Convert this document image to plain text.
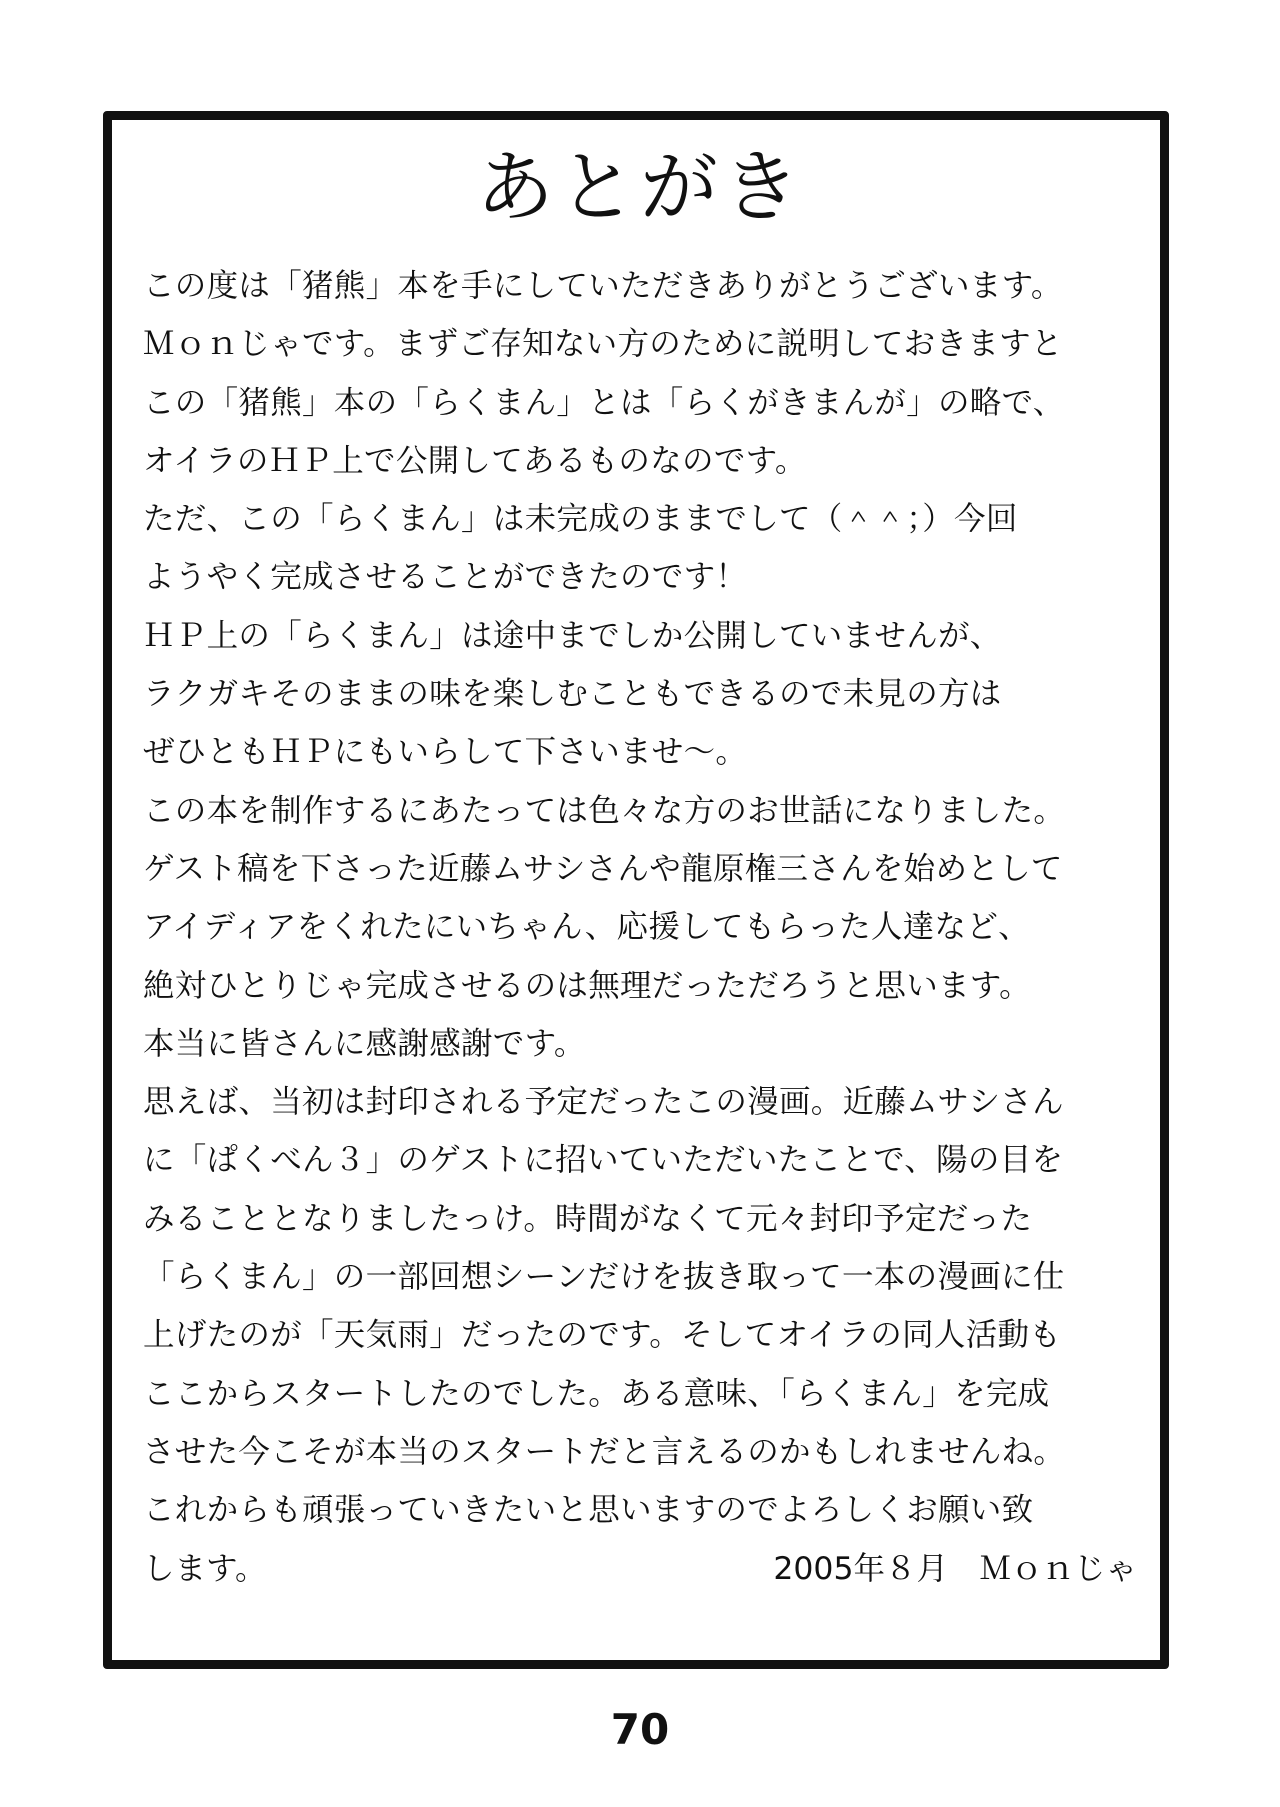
あとがき
この度は「猪熊」本を手にしていただきありがとうございます。
Ｍｏｎじゃです。まずご存知ない方のために説明しておきますと
この「猪熊」本の「らくまん」とは「らくがきまんが」の略で、
オイラのＨＰ上で公開してあるものなのです。
ただ、この「らくまん」は未完成のままでして（＾＾；）今回
ようやく完成させることができたのです！
ＨＰ上の「らくまん」は途中までしか公開していませんが、
ラクガキそのままの味を楽しむこともできるので未見の方は
ぜひともＨＰにもいらして下さいませ〜。
この本を制作するにあたっては色々な方のお世話になりました。
ゲスト稿を下さった近藤ムサシさんや龍原権三さんを始めとして
アイディアをくれたにいちゃん、応援してもらった人達など、
絶対ひとりじゃ完成させるのは無理だっただろうと思います。
本当に皆さんに感謝感謝です。
思えば、当初は封印される予定だったこの漫画。近藤ムサシさん
に「ぱくべん３」のゲストに招いていただいたことで、陽の目を
みることとなりましたっけ。時間がなくて元々封印予定だった
「らくまん」の一部回想シーンだけを抜き取って一本の漫画に仕
上げたのが「天気雨」だったのです。そしてオイラの同人活動も
ここからスタートしたのでした。ある意味、「らくまん」を完成
させた今こそが本当のスタートだと言えるのかもしれませんね。
これからも頑張っていきたいと思いますのでよろしくお願い致
します。	2005年８月　Ｍｏｎじゃ
70
